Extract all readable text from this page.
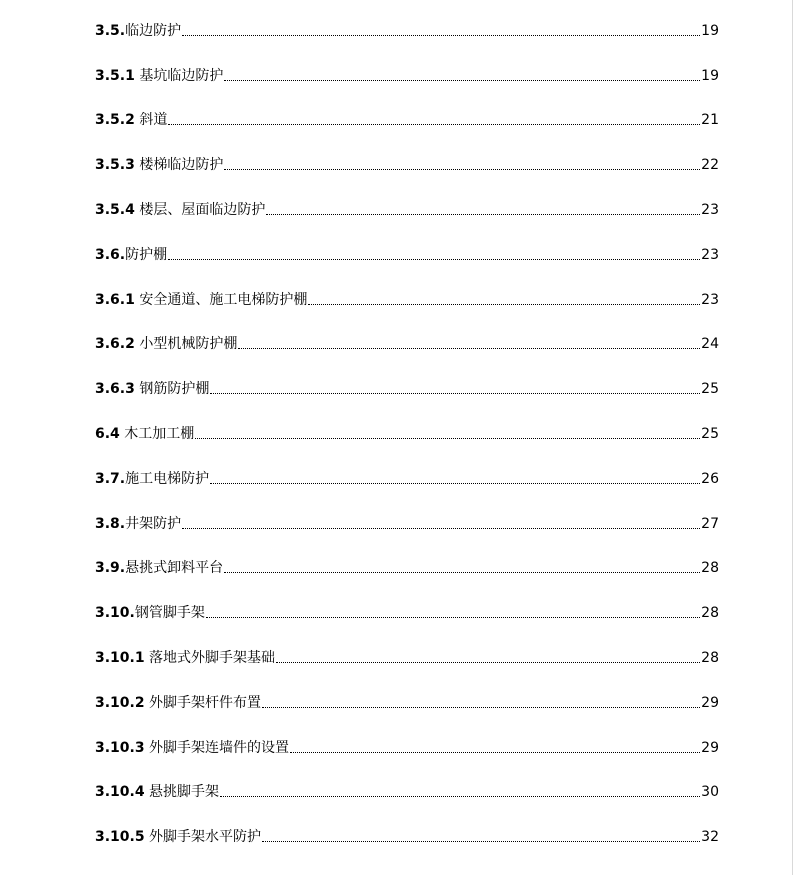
3.5.临边防护	19
3.5.1 基坑临边防护	19
3.5.2 斜道	21
3.5.3 楼梯临边防护	22
3.5.4 楼层、屋面临边防护	23
3.6.防护棚	23
3.6.1 安全通道、施工电梯防护棚	23
3.6.2 小型机械防护棚	24
3.6.3 钢筋防护棚	25
6.4 木工加工棚	25
3.7.施工电梯防护	26
3.8.井架防护	27
3.9.悬挑式卸料平台	28
3.10.钢管脚手架	28
3.10.1 落地式外脚手架基础	28
3.10.2 外脚手架杆件布置	29
3.10.3 外脚手架连墙件的设置	29
3.10.4 悬挑脚手架	30
3.10.5 外脚手架水平防护	32
